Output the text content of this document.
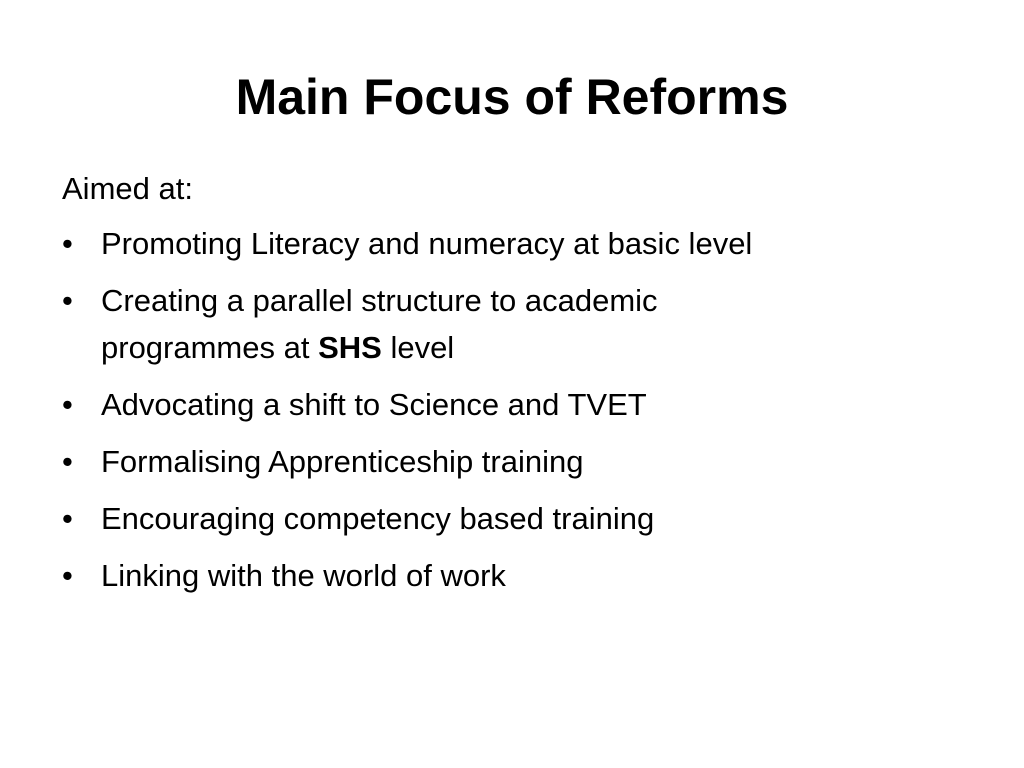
Main Focus of Reforms
Aimed at:
• Promoting Literacy and numeracy at basic level
• Creating a parallel structure to academic programmes at SHS level
• Advocating a shift to Science and TVET
• Formalising Apprenticeship training
• Encouraging competency based training
• Linking with the world of work
